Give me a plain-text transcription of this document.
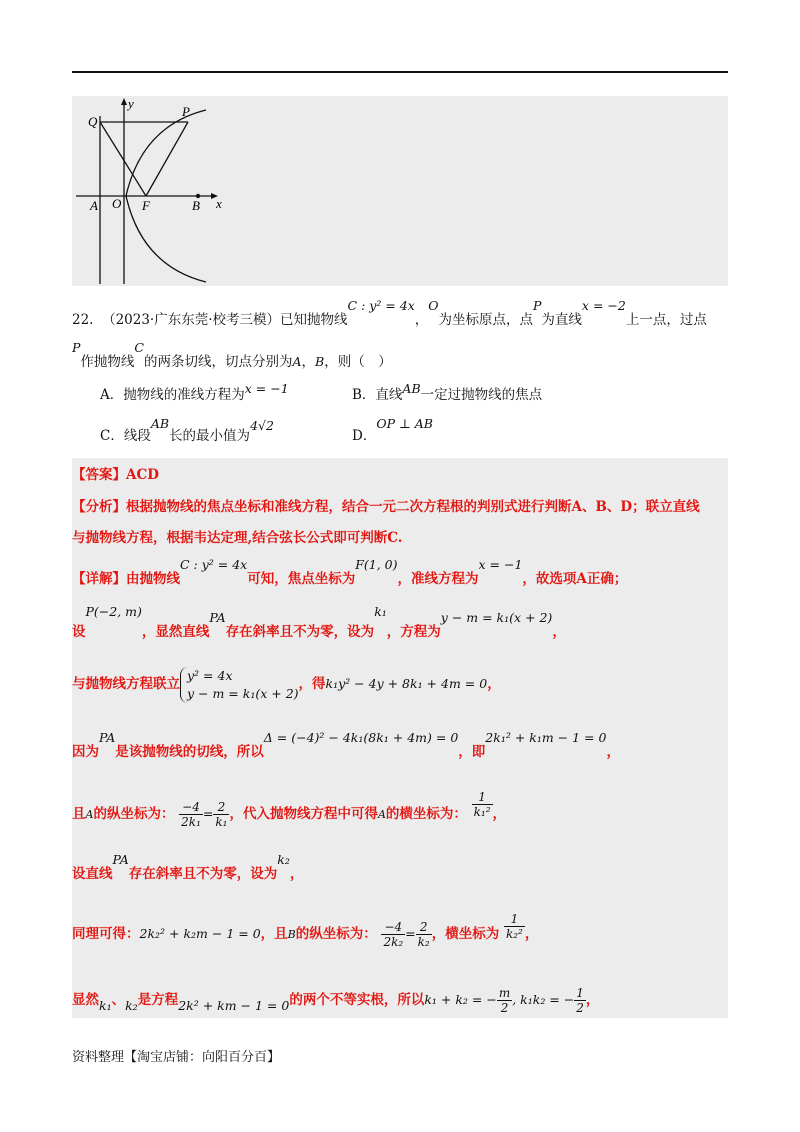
y
x
Q
P
A O F	B
22. （2023·广东东莞·校考三模）已知抛物线C : y² = 4x，O为坐标原点，点P为直线x = −2上一点，过点
P作抛物线C的两条切线，切点分别为A，B，则（　）
A．抛物线的准线方程为x = −1	B．直线AB一定过抛物线的焦点
C．线段AB长的最小值为4√2
D．OP ⊥ AB
【答案】ACD
【分析】根据抛物线的焦点坐标和准线方程，结合一元二次方程根的判别式进行判断A、B、D；联立直线
与抛物线方程，根据韦达定理,结合弦长公式即可判断C.
【详解】由抛物线C : y² = 4x可知，焦点坐标为F(1, 0)，准线方程为x = −1，故选项A正确；
设P(−2, m)，显然直线PA存在斜率且不为零，设为k₁，方程为y − m = k₁(x + 2)，
与抛物线方程联立
y² = 4x
y − m = k₁(x + 2)
，得k₁y² − 4y + 8k₁ + 4m = 0，
因为PA是该抛物线的切线，所以Δ = (−4)² − 4k₁(8k₁ + 4m) = 0，即2k₁² + k₁m − 1 = 0，
且A的纵坐标为： $\frac{-4}{\text{2k₁}} = \frac{2}{\text{k₁}}$ ，代入抛物线方程中可得A的横坐标为： $\frac{1}{\text{k₁²}}$ ，
设直线PA存在斜率且不为零，设为k₂，
同理可得：2k₂² + k₂m − 1 = 0，且B的纵坐标为： $\frac{-4}{\text{2k₂}} = \frac{2}{\text{k₂}}$ ，横坐标为 $\frac{1}{\text{k₂²}}$ ，
显然k₁、k₂是方程2k² + km − 1 = 0的两个不等实根，所以k₁ + k₂ = − $\frac{m}{2}$ , k₁k₂ = − $\frac{1}{2}$ ，
资料整理【淘宝店铺：向阳百分百】
